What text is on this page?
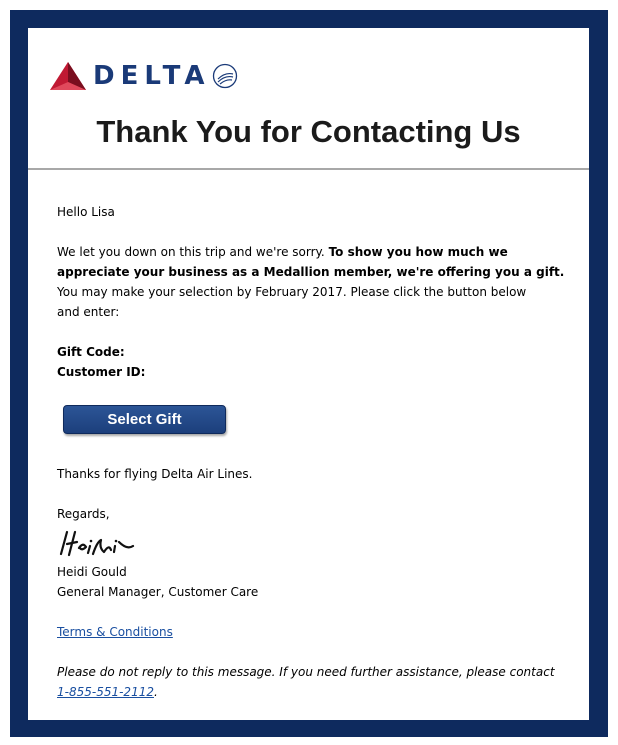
DELTA
Thank You for Contacting Us
Hello Lisa
We let you down on this trip and we're sorry. To show you how much we
appreciate your business as a Medallion member, we're offering you a gift.
You may make your selection by February 2017. Please click the button below
and enter:
Gift Code:
Customer ID:
Select Gift
Thanks for flying Delta Air Lines.
Regards,
Heidi Gould
General Manager, Customer Care
Terms & Conditions
Please do not reply to this message. If you need further assistance, please contact
1-855-551-2112.
